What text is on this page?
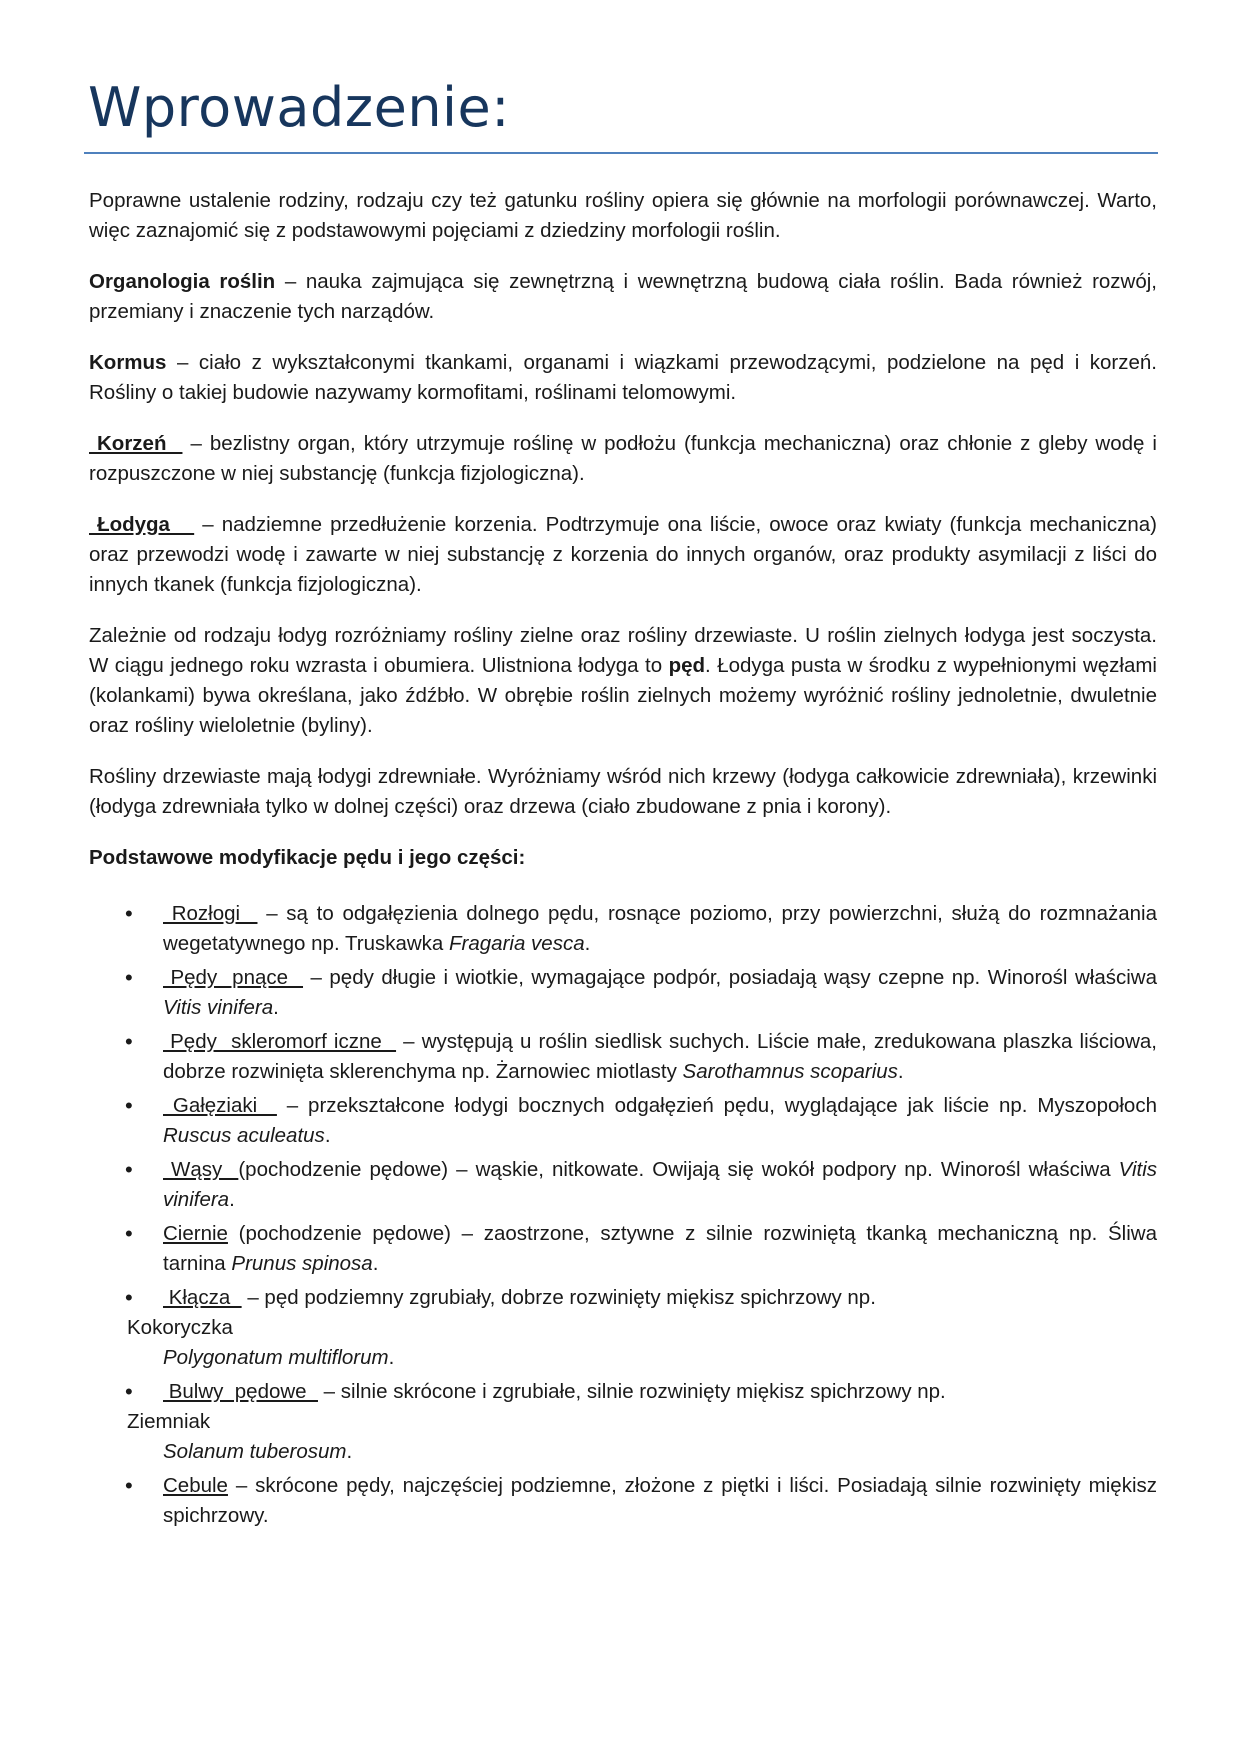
Wprowadzenie:

Poprawne ustalenie rodziny, rodzaju czy też gatunku rośliny opiera się głównie na morfologii porównawczej. Warto, więc zaznajomić się z podstawowymi pojęciami z dziedziny morfologii roślin.

Organologia roślin – nauka zajmująca się zewnętrzną i wewnętrzną budową ciała roślin. Bada również rozwój, przemiany i znaczenie tych narządów.

Kormus – ciało z wykształconymi tkankami, organami i wiązkami przewodzącymi, podzielone na pęd i korzeń. Rośliny o takiej budowie nazywamy kormofitami, roślinami telomowymi.

Korzeń   – bezlistny organ, który utrzymuje roślinę w podłożu (funkcja mechaniczna) oraz chłonie z gleby wodę i rozpuszczone w niej substancję (funkcja fizjologiczna).

Łodyga    – nadziemne przedłużenie korzenia. Podtrzymuje ona liście, owoce oraz kwiaty (funkcja mechaniczna) oraz przewodzi wodę i zawarte w niej substancję z korzenia do innych organów, oraz produkty asymilacji z liści do innych tkanek (funkcja fizjologiczna).

Zależnie od rodzaju łodyg rozróżniamy rośliny zielne oraz rośliny drzewiaste. U roślin zielnych łodyga jest soczysta. W ciągu jednego roku wzrasta i obumiera. Ulistniona łodyga to pęd. Łodyga pusta w środku z wypełnionymi węzłami (kolankami) bywa określana, jako źdźbło. W obrębie roślin zielnych możemy wyróżnić rośliny jednoletnie, dwuletnie oraz rośliny wieloletnie (byliny).

Rośliny drzewiaste mają łodygi zdrewniałe. Wyróżniamy wśród nich krzewy (łodyga całkowicie zdrewniała), krzewinki (łodyga zdrewniała tylko w dolnej części) oraz drzewa (ciało zbudowane z pnia i korony).

Podstawowe modyfikacje pędu i jego części:

• Rozłogi   – są to odgałęzienia dolnego pędu, rosnące poziomo, przy powierzchni, służą do rozmnażania wegetatywnego np. Truskawka Fragaria vesca.
• Pędy  pnące   – pędy długie i wiotkie, wymagające podpór, posiadają wąsy czepne np. Winorośl właściwa Vitis vinifera.
• Pędy  skleromorf iczne   – występują u roślin siedlisk suchych. Liście małe, zredukowana plaszka liściowa, dobrze rozwinięta sklerenchyma np. Żarnowiec miotlasty Sarothamnus scoparius.
• Gałęziaki   – przekształcone łodygi bocznych odgałęzień pędu, wyglądające jak liście np. Myszopołoch Ruscus aculeatus.
• Wąsy  (pochodzenie pędowe) – wąskie, nitkowate. Owijają się wokół podpory np. Winorośl właściwa Vitis vinifera.
• Ciernie (pochodzenie pędowe) – zaostrzone, sztywne z silnie rozwiniętą tkanką mechaniczną np. Śliwa tarnina Prunus spinosa.
• Kłącza   – pęd podziemny zgrubiały, dobrze rozwinięty miękisz spichrzowy np.
Kokoryczka
Polygonatum multiflorum.
• Bulwy  pędowe   – silnie skrócone i zgrubiałe, silnie rozwinięty miękisz spichrzowy np.
Ziemniak
Solanum tuberosum.
• Cebule – skrócone pędy, najczęściej podziemne, złożone z piętki i liści. Posiadają silnie rozwinięty miękisz spichrzowy.
